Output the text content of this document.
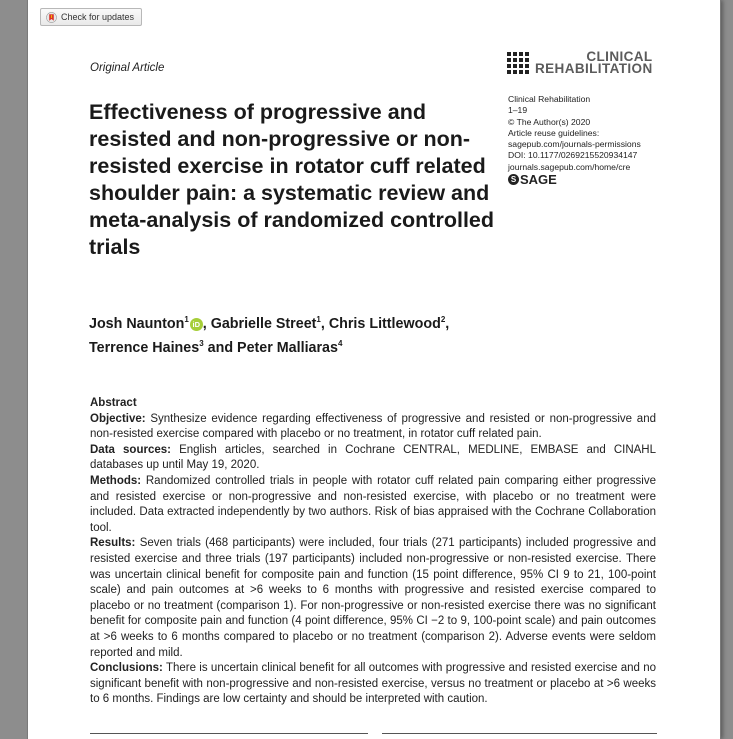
Check for updates
Original Article
CLINICAL
REHABILITATION
Clinical Rehabilitation
1–19
© The Author(s) 2020
Article reuse guidelines:
sagepub.com/journals-permissions
DOI: 10.1177/0269215520934147
journals.sagepub.com/home/cre
S SAGE
Effectiveness of progressive and resisted and non-progressive or non-resisted exercise in rotator cuff related shoulder pain: a systematic review and meta-analysis of randomized controlled trials
Josh Naunton$^1$iD , Gabrielle Street$^1$, Chris Littlewood$^2$,
Terrence Haines$^3$ and Peter Malliaras$^4$
Abstract

Objective: Synthesize evidence regarding effectiveness of progressive and resisted or non-progressive and non-resisted exercise compared with placebo or no treatment, in rotator cuff related pain.

Data sources: English articles, searched in Cochrane CENTRAL, MEDLINE, EMBASE and CINAHL databases up until May 19, 2020.

Methods: Randomized controlled trials in people with rotator cuff related pain comparing either progressive and resisted exercise or non-progressive and non-resisted exercise, with placebo or no treatment were included. Data extracted independently by two authors. Risk of bias appraised with the Cochrane Collaboration tool.

Results: Seven trials (468 participants) were included, four trials (271 participants) included progressive and resisted exercise and three trials (197 participants) included non-progressive or non-resisted exercise. There was uncertain clinical benefit for composite pain and function (15 point difference, 95% CI 9 to 21, 100-point scale) and pain outcomes at >6 weeks to 6 months with progressive and resisted exercise compared to placebo or no treatment (comparison 1). For non-progressive or non-resisted exercise there was no significant benefit for composite pain and function (4 point difference, 95% CI −2 to 9, 100-point scale) and pain outcomes at >6 weeks to 6 months compared to placebo or no treatment (comparison 2). Adverse events were seldom reported and mild.

Conclusions: There is uncertain clinical benefit for all outcomes with progressive and resisted exercise and no significant benefit with non-progressive and non-resisted exercise, versus no treatment or placebo at >6 weeks to 6 months. Findings are low certainty and should be interpreted with caution.
